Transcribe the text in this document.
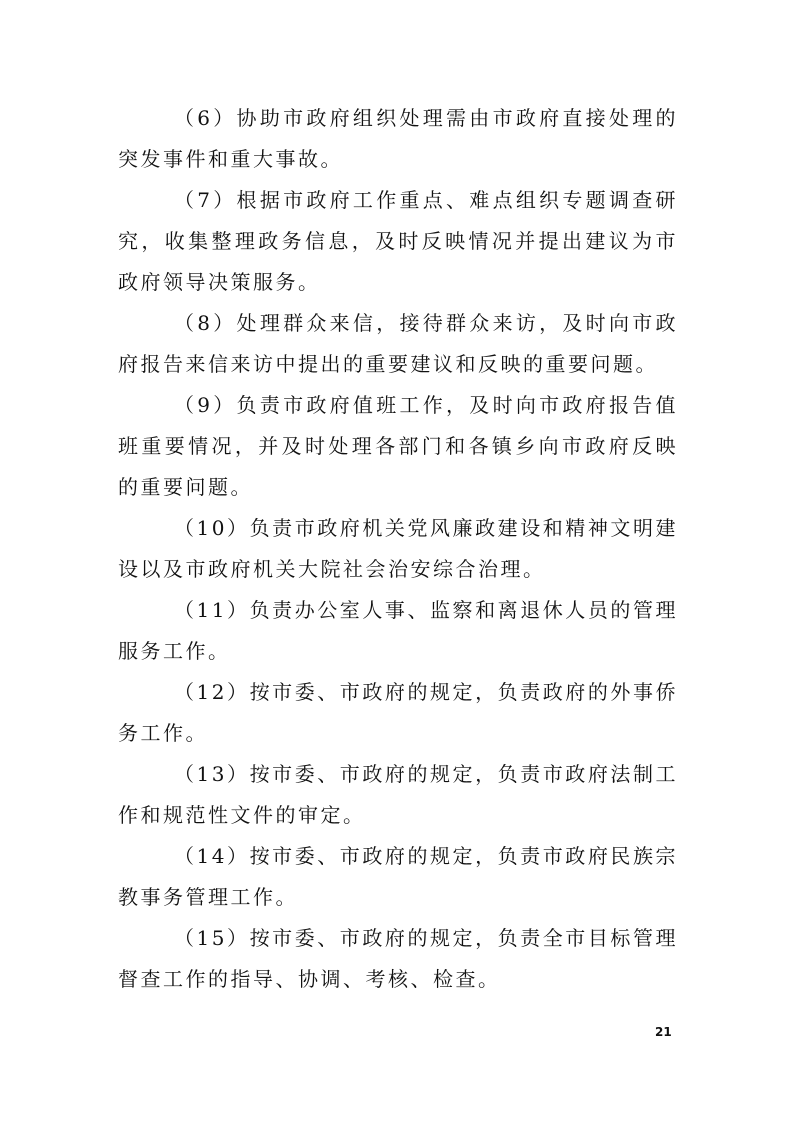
（6）协助市政府组织处理需由市政府直接处理的突发事件和重大事故。

（7）根据市政府工作重点、难点组织专题调查研究，收集整理政务信息，及时反映情况并提出建议为市政府领导决策服务。

（8）处理群众来信，接待群众来访，及时向市政府报告来信来访中提出的重要建议和反映的重要问题。

（9）负责市政府值班工作，及时向市政府报告值班重要情况，并及时处理各部门和各镇乡向市政府反映的重要问题。

（10）负责市政府机关党风廉政建设和精神文明建设以及市政府机关大院社会治安综合治理。

（11）负责办公室人事、监察和离退休人员的管理服务工作。

（12）按市委、市政府的规定，负责政府的外事侨务工作。

（13）按市委、市政府的规定，负责市政府法制工作和规范性文件的审定。

（14）按市委、市政府的规定，负责市政府民族宗教事务管理工作。

（15）按市委、市政府的规定，负责全市目标管理督查工作的指导、协调、考核、检查。

21
